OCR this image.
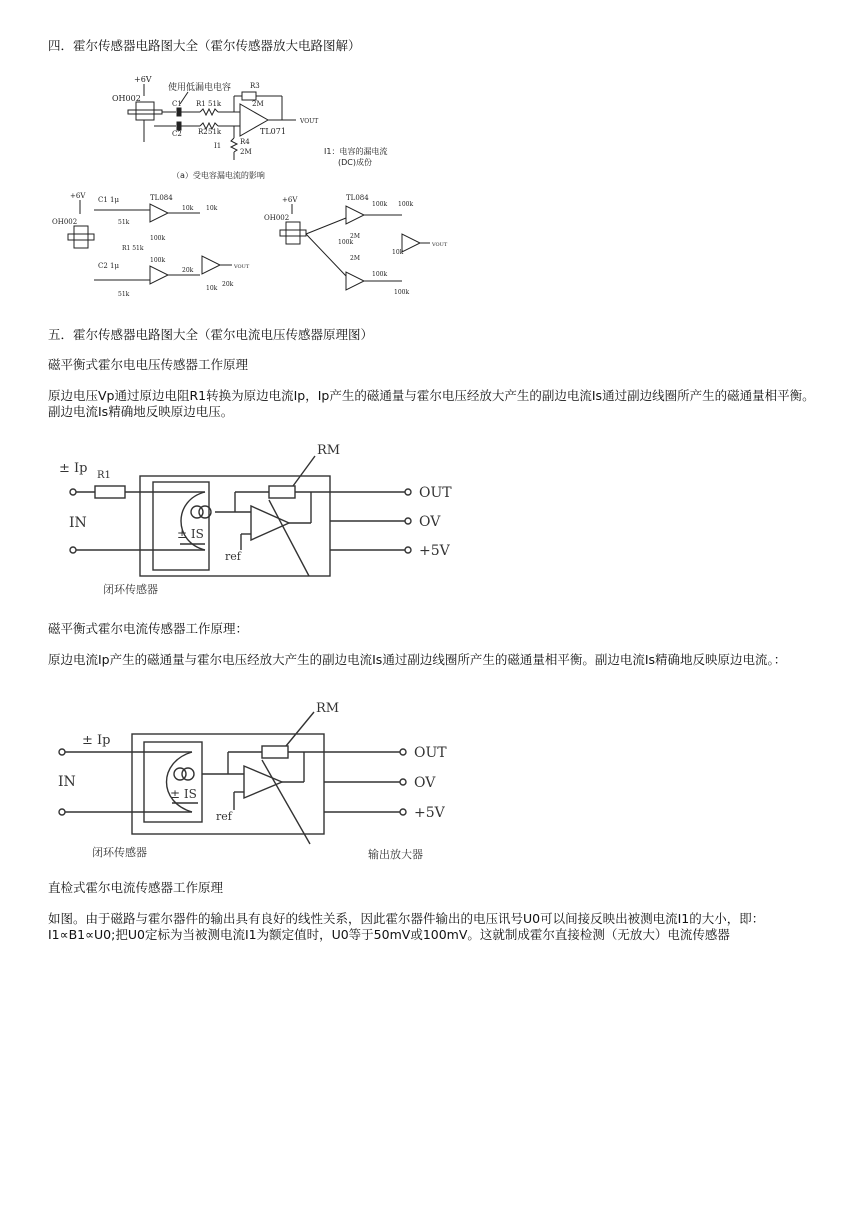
四．霍尔传感器电路图大全（霍尔传感器放大电路图解）
+6V
OH002
使用低漏电电容
C1
C2
R1 51k
R2 51k
VOUT
TL071
R3
2M
R4
2M
I1
I1：电容的漏电流
(DC)成份
（a）受电容漏电流的影响
+6V
OH002
C1 1μ
C2 1μ
TL084
VOUT
51k
51k
100k
100k
10k 10k
20k
10k
20k
R1 51k
+6V
OH002
TL084
VOUT
100k 100k
100k
100k
100k
2M
2M
10k
五．霍尔传感器电路图大全（霍尔电流电压传感器原理图）
磁平衡式霍尔电电压传感器工作原理
原边电压Vp通过原边电阻R1转换为原边电流Ip，Ip产生的磁通量与霍尔电压经放大产生的副边电流Is通过副边线圈所产生的磁通量相平衡。副边电流Is精确地反映原边电压。
± Ip R1
IN
± IS
ref
RM
OUT
OV
+5V
闭环传感器
磁平衡式霍尔电流传感器工作原理：
原边电流Ip产生的磁通量与霍尔电压经放大产生的副边电流Is通过副边线圈所产生的磁通量相平衡。副边电流Is精确地反映原边电流。：
± Ip
IN
± IS
ref
RM
OUT
OV
+5V
闭环传感器	输出放大器
直检式霍尔电流传感器工作原理
如图。由于磁路与霍尔器件的输出具有良好的线性关系，因此霍尔器件输出的电压讯号U0可以间接反映出被测电流I1的大小，即：I1∝B1∝U0;把U0定标为当被测电流I1为额定值时，U0等于50mV或100mV。这就制成霍尔直接检测（无放大）电流传感器
